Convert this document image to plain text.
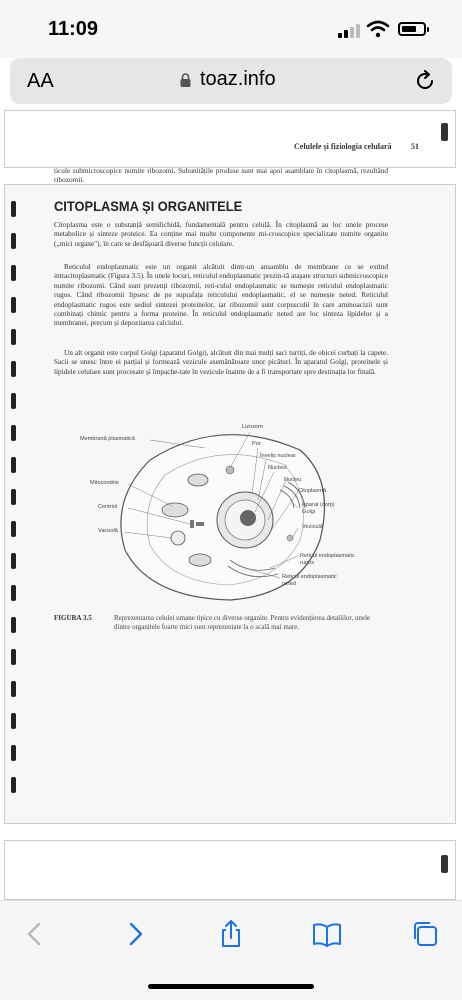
11:09
AA	toaz.info
Celulele și fiziologia celulară 51

ticule submicroscopice numite ribozomi. Subunitățile produse sunt mai apoi asamblate în citoplasmă, rezultând ribozomii.

CITOPLASMA ȘI ORGANITELE

Citoplasma este o substanță semilichidă, fundamentală pentru celulă. În citoplasmă au loc unele procese metabolice și sinteze proteice. Ea conține mai multe componente mi-croscopice specializate numite organite („mici organe"), în care se desfășoară diverse funcții celulare.

Reticulul endoplasmatic este un organit alcătuit dintr-un ansamblu de membrane ce se extind intracitoplasmatic (Figura 3.5). În unele locuri, reticulul endoplasmatic prezin-tă atașate structuri submicroscopice numite ribozomi. Când sunt prezenți ribozomii, reti-culul endoplasmatic se numește reticulul endoplasmatic rugos. Când ribozomii lipsesc de pe suprafața reticulului endoplasmatic, el se numește neted. Reticulul endoplasmatic rugos este sediul sintezei proteinelor, iar ribozomii sunt corpusculii în care aminoacizii sunt combinați chimic pentru a forma proteine. În reticulul endoplasmatic neted are loc sinteza lipidelor și a membranei, precum și depozitarea calciului.

Un alt organit este corpul Golgi (aparatul Golgi), alcătuit din mai mulți saci turtiți, de obicei curbați la capete. Sacii se unesc între ei parțial și formează vezicule asemănătoare unor picături. În aparatul Golgi, proteinele și lipidele celulare sunt procesate și împache-tate în vezicule înainte de a fi transportate spre destinația lor finală.

Membrană plasmatică
Lizozom
Por
Înveliș nuclear
Nucleol
Mitocondrie	Nucleu
Citoplasmă
Centriol	Aparat (corp) Golgi
Vacuolă
Veziculă
Reticul endoplasmatic rugos
Reticul endoplasmatic neted
FIGURA 3.5	Reprezentarea celulei umane tipice cu diverse organite. Pentru evidențierea detaliilor, unele dintre organitele foarte mici sunt reprezentate la o scală mai mare.
